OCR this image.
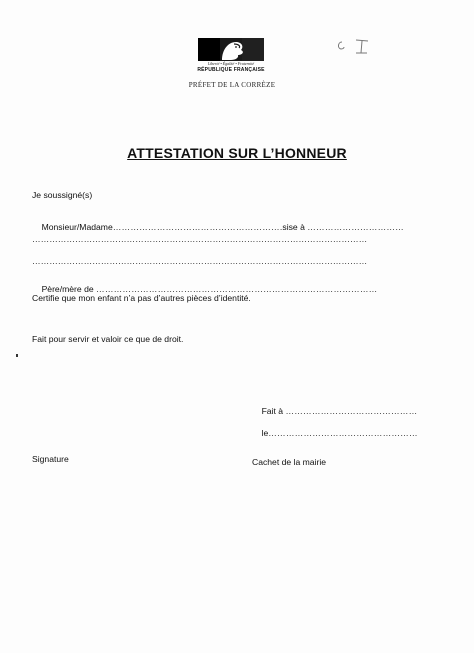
Liberté • Égalité • Fraternité
RÉPUBLIQUE FRANÇAISE
PRÉFET DE LA CORRÈZE
ATTESTATION SUR L’HONNEUR
Je soussigné(s)

Monsieur/Madame………………………………………………….sise à ……………………………

………………………………………………………………………………………………………
………………………………………………………………………………………………………

Père/mère de ……………………………………………………………………………………

Certifie que mon enfant n’a pas d’autres pièces d’identité.
Fait pour servir et valoir ce que de droit.

Fait à ………………………………………

le……………………………………………

Signature	Cachet de la mairie
